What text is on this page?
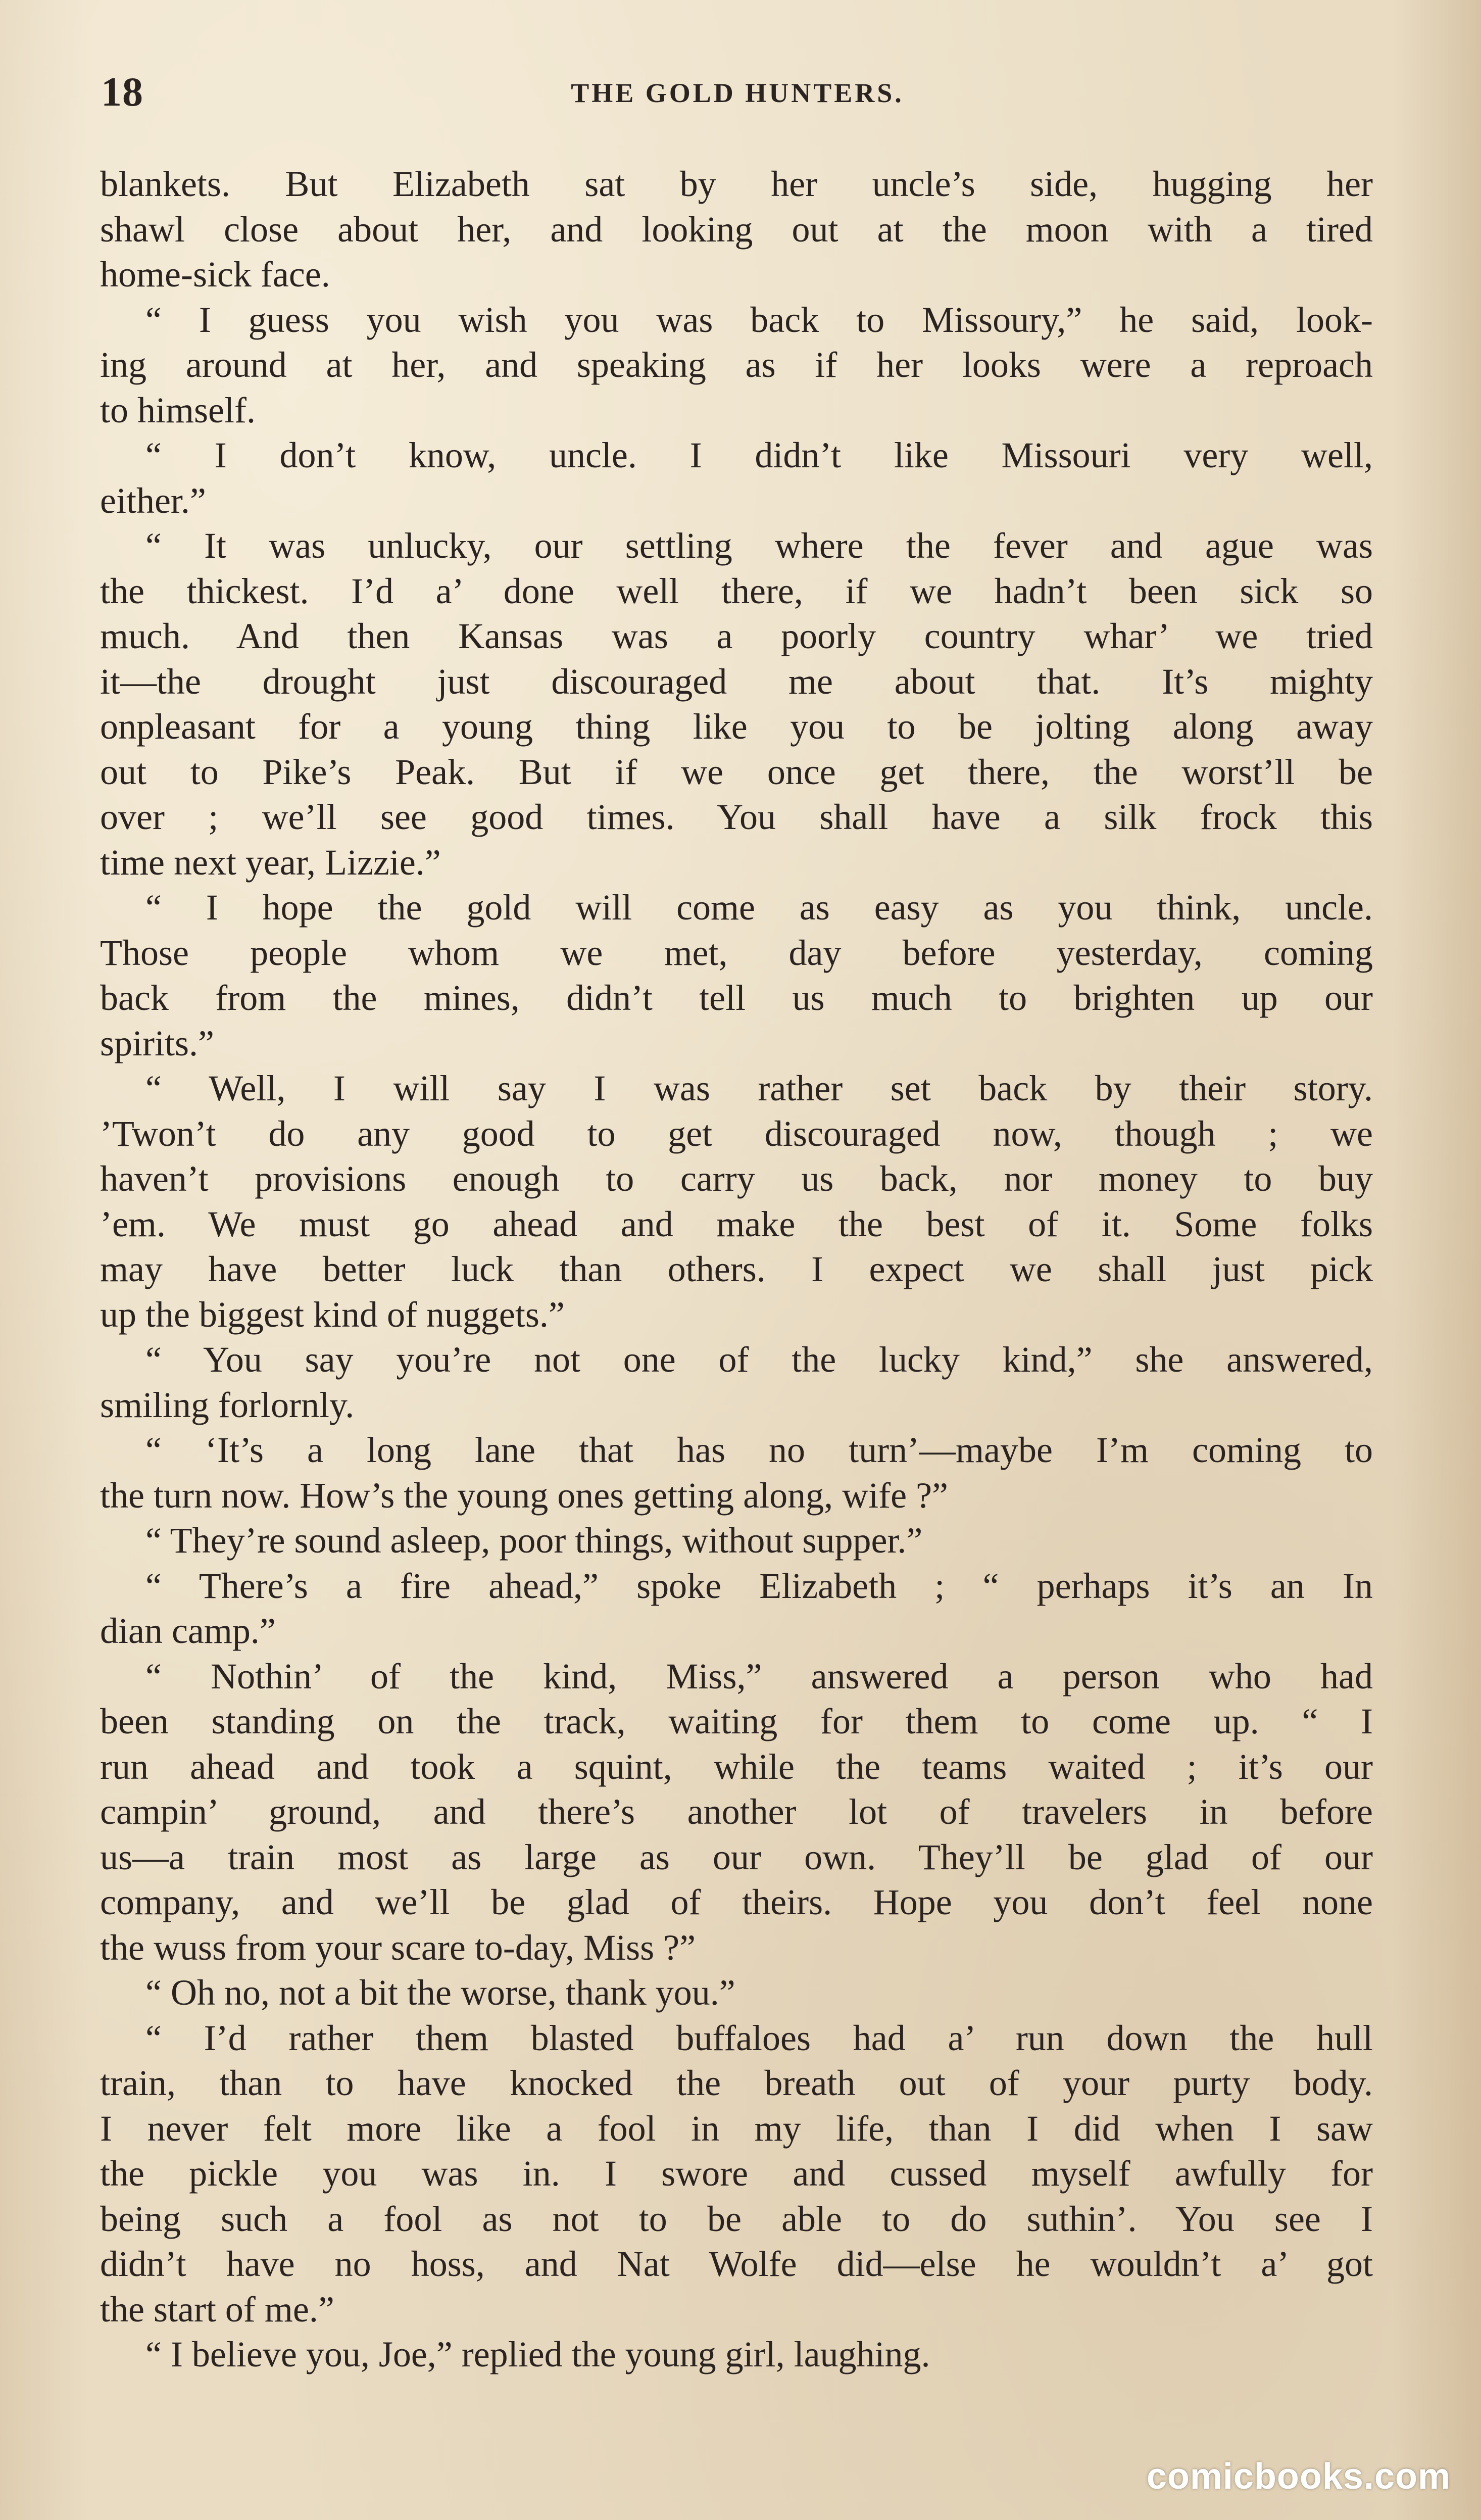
18	THE GOLD HUNTERS.
blankets. But Elizabeth sat by her uncle’s side, hugging her
shawl close about her, and looking out at the moon with a tired
home-sick face.
“ I guess you wish you was back to Missoury,” he said, look-
ing around at her, and speaking as if her looks were a reproach
to himself.
“ I don’t know, uncle. I didn’t like Missouri very well,
either.”
“ It was unlucky, our settling where the fever and ague was
the thickest. I’d a’ done well there, if we hadn’t been sick so
much. And then Kansas was a poorly country whar’ we tried
it—the drought just discouraged me about that. It’s mighty
onpleasant for a young thing like you to be jolting along away
out to Pike’s Peak. But if we once get there, the worst’ll be
over ; we’ll see good times. You shall have a silk frock this
time next year, Lizzie.”
“ I hope the gold will come as easy as you think, uncle.
Those people whom we met, day before yesterday, coming
back from the mines, didn’t tell us much to brighten up our
spirits.”
“ Well, I will say I was rather set back by their story.
’Twon’t do any good to get discouraged now, though ; we
haven’t provisions enough to carry us back, nor money to buy
’em. We must go ahead and make the best of it. Some folks
may have better luck than others. I expect we shall just pick
up the biggest kind of nuggets.”
“ You say you’re not one of the lucky kind,” she answered,
smiling forlornly.
“ ‘It’s a long lane that has no turn’—maybe I’m coming to
the turn now. How’s the young ones getting along, wife ?”
“ They’re sound asleep, poor things, without supper.”
“ There’s a fire ahead,” spoke Elizabeth ; “ perhaps it’s an In
dian camp.”
“ Nothin’ of the kind, Miss,” answered a person who had
been standing on the track, waiting for them to come up. “ I
run ahead and took a squint, while the teams waited ; it’s our
campin’ ground, and there’s another lot of travelers in before
us—a train most as large as our own. They’ll be glad of our
company, and we’ll be glad of theirs. Hope you don’t feel none
the wuss from your scare to-day, Miss ?”
“ Oh no, not a bit the worse, thank you.”
“ I’d rather them blasted buffaloes had a’ run down the hull
train, than to have knocked the breath out of your purty body.
I never felt more like a fool in my life, than I did when I saw
the pickle you was in. I swore and cussed myself awfully for
being such a fool as not to be able to do suthin’. You see I
didn’t have no hoss, and Nat Wolfe did—else he wouldn’t a’ got
the start of me.”
“ I believe you, Joe,” replied the young girl, laughing.
comicbooks.com
